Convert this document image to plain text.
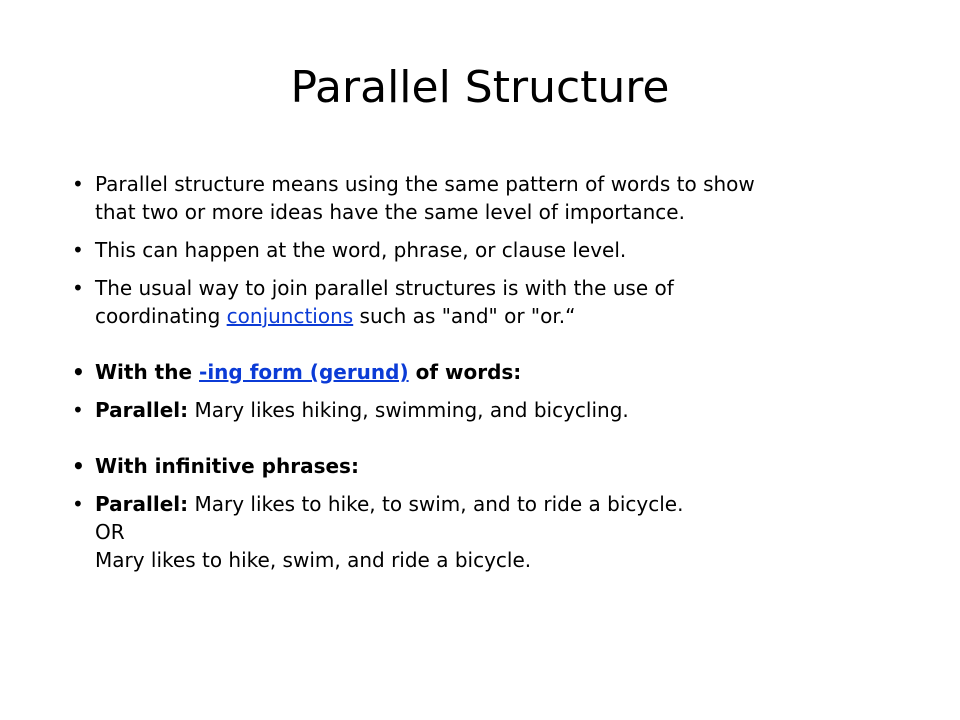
Parallel Structure
• Parallel structure means using the same pattern of words to show
that two or more ideas have the same level of importance.
• This can happen at the word, phrase, or clause level.
• The usual way to join parallel structures is with the use of
coordinating conjunctions such as "and" or "or.“
• With the -ing form (gerund) of words:
• Parallel: Mary likes hiking, swimming, and bicycling.
• With infinitive phrases:
• Parallel: Mary likes to hike, to swim, and to ride a bicycle.
OR
Mary likes to hike, swim, and ride a bicycle.
